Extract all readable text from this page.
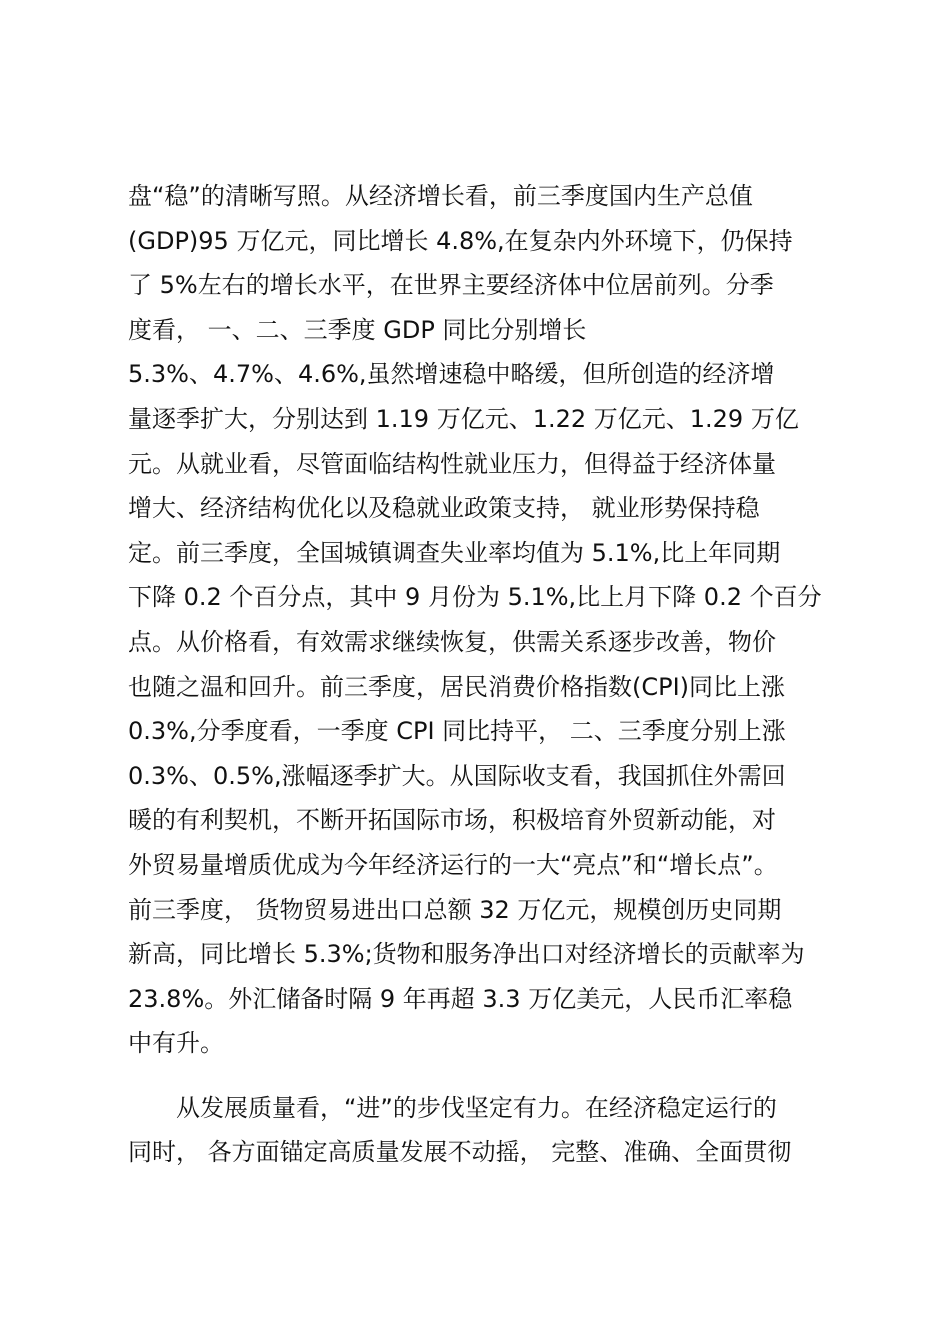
盘“稳”的清晰写照。从经济增长看，前三季度国内生产总值
(GDP)95 万亿元，同比增长 4.8%,在复杂内外环境下，仍保持
了 5%左右的增长水平，在世界主要经济体中位居前列。分季
度看， 一、二、三季度 GDP 同比分别增长
5.3%、4.7%、4.6%,虽然增速稳中略缓，但所创造的经济增
量逐季扩大，分别达到 1.19 万亿元、1.22 万亿元、1.29 万亿
元。从就业看，尽管面临结构性就业压力，但得益于经济体量
增大、经济结构优化以及稳就业政策支持， 就业形势保持稳
定。前三季度，全国城镇调查失业率均值为 5.1%,比上年同期
下降 0.2 个百分点，其中 9 月份为 5.1%,比上月下降 0.2 个百分
点。从价格看，有效需求继续恢复，供需关系逐步改善，物价
也随之温和回升。前三季度，居民消费价格指数(CPI)同比上涨
0.3%,分季度看，一季度 CPI 同比持平， 二、三季度分别上涨
0.3%、0.5%,涨幅逐季扩大。从国际收支看，我国抓住外需回
暖的有利契机，不断开拓国际市场，积极培育外贸新动能，对
外贸易量增质优成为今年经济运行的一大“亮点”和“增长点”。
前三季度， 货物贸易进出口总额 32 万亿元，规模创历史同期
新高，同比增长 5.3%;货物和服务净出口对经济增长的贡献率为
23.8%。外汇储备时隔 9 年再超 3.3 万亿美元，人民币汇率稳
中有升。
从发展质量看，“进”的步伐坚定有力。在经济稳定运行的
同时， 各方面锚定高质量发展不动摇， 完整、准确、全面贯彻
